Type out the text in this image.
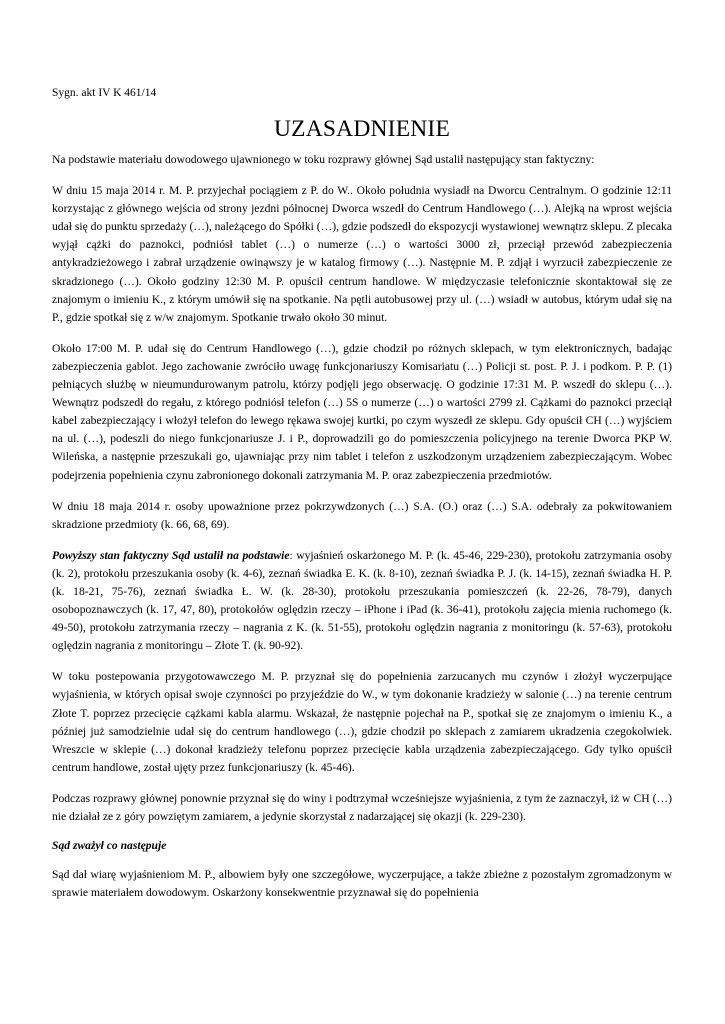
Sygn. akt IV K 461/14
UZASADNIENIE

Na podstawie materiału dowodowego ujawnionego w toku rozprawy głównej Sąd ustalił następujący stan faktyczny:

W dniu 15 maja 2014 r. M. P. przyjechał pociągiem z P. do W.. Około południa wysiadł na Dworcu Centralnym. O godzinie 12:11 korzystając z głównego wejścia od strony jezdni północnej Dworca wszedł do Centrum Handlowego (…). Alejką na wprost wejścia udał się do punktu sprzedaży (…), należącego do Spółki (…), gdzie podszedł do ekspozycji wystawionej wewnątrz sklepu. Z plecaka wyjął cążki do paznokci, podniósł tablet (…) o numerze (…) o wartości 3000 zł, przeciął przewód zabezpieczenia antykradzieżowego i zabrał urządzenie owinąwszy je w katalog firmowy (…). Następnie M. P. zdjął i wyrzucił zabezpieczenie ze skradzionego (…). Około godziny 12:30 M. P. opuścił centrum handlowe. W międzyczasie telefonicznie skontaktował się ze znajomym o imieniu K., z którym umówił się na spotkanie. Na pętli autobusowej przy ul. (…) wsiadł w autobus, którym udał się na P., gdzie spotkał się z w/w znajomym. Spotkanie trwało około 30 minut.

Około 17:00 M. P. udał się do Centrum Handlowego (…), gdzie chodził po różnych sklepach, w tym elektronicznych, badając zabezpieczenia gablot. Jego zachowanie zwróciło uwagę funkcjonariuszy Komisariatu (…) Policji st. post. P. J. i podkom. P. P. (1) pełniących służbę w nieumundurowanym patrolu, którzy podjęli jego obserwację. O godzinie 17:31 M. P. wszedł do sklepu (…). Wewnątrz podszedł do regału, z którego podniósł telefon (…) 5S o numerze (…) o wartości 2799 zł. Cążkami do paznokci przeciął kabel zabezpieczający i włożył telefon do lewego rękawa swojej kurtki, po czym wyszedł ze sklepu. Gdy opuścił CH (…) wyjściem na ul. (…), podeszli do niego funkcjonariusze J. i P., doprowadzili go do pomieszczenia policyjnego na terenie Dworca PKP W. Wileńska, a następnie przeszukali go, ujawniając przy nim tablet i telefon z uszkodzonym urządzeniem zabezpieczającym. Wobec podejrzenia popełnienia czynu zabronionego dokonali zatrzymania M. P. oraz zabezpieczenia przedmiotów.

W dniu 18 maja 2014 r. osoby upoważnione przez pokrzywdzonych (…) S.A. (O.) oraz (…) S.A. odebrały za pokwitowaniem skradzione przedmioty (k. 66, 68, 69).

Powyższy stan faktyczny Sąd ustalił na podstawie: wyjaśnień oskarżonego M. P. (k. 45-46, 229-230), protokołu zatrzymania osoby (k. 2), protokołu przeszukania osoby (k. 4-6), zeznań świadka E. K. (k. 8-10), zeznań świadka P. J. (k. 14-15), zeznań świadka H. P. (k. 18-21, 75-76), zeznań świadka Ł. W. (k. 28-30), protokołu przeszukania pomieszczeń (k. 22-26, 78-79), danych osobopoznawczych (k. 17, 47, 80), protokołów oględzin rzeczy – iPhone i iPad (k. 36-41), protokołu zajęcia mienia ruchomego (k. 49-50), protokołu zatrzymania rzeczy – nagrania z K. (k. 51-55), protokołu oględzin nagrania z monitoringu (k. 57-63), protokołu oględzin nagrania z monitoringu – Złote T. (k. 90-92).

W toku postepowania przygotowawczego M. P. przyznał się do popełnienia zarzucanych mu czynów i złożył wyczerpujące wyjaśnienia, w których opisał swoje czynności po przyjeździe do W., w tym dokonanie kradzieży w salonie (…) na terenie centrum Złote T. poprzez przecięcie cążkami kabla alarmu. Wskazał, że następnie pojechał na P., spotkał się ze znajomym o imieniu K., a później już samodzielnie udał się do centrum handlowego (…), gdzie chodził po sklepach z zamiarem ukradzenia czegokolwiek. Wreszcie w sklepie (…) dokonał kradzieży telefonu poprzez przecięcie kabla urządzenia zabezpieczającego. Gdy tylko opuścił centrum handlowe, został ujęty przez funkcjonariuszy (k. 45-46).

Podczas rozprawy głównej ponownie przyznał się do winy i podtrzymał wcześniejsze wyjaśnienia, z tym że zaznaczył, iż w CH (…) nie działał ze z góry powziętym zamiarem, a jedynie skorzystał z nadarzającej się okazji (k. 229-230).

Sąd zważył co następuje

Sąd dał wiarę wyjaśnieniom M. P., albowiem były one szczegółowe, wyczerpujące, a także zbieżne z pozostałym zgromadzonym w sprawie materiałem dowodowym. Oskarżony konsekwentnie przyznawał się do popełnienia
